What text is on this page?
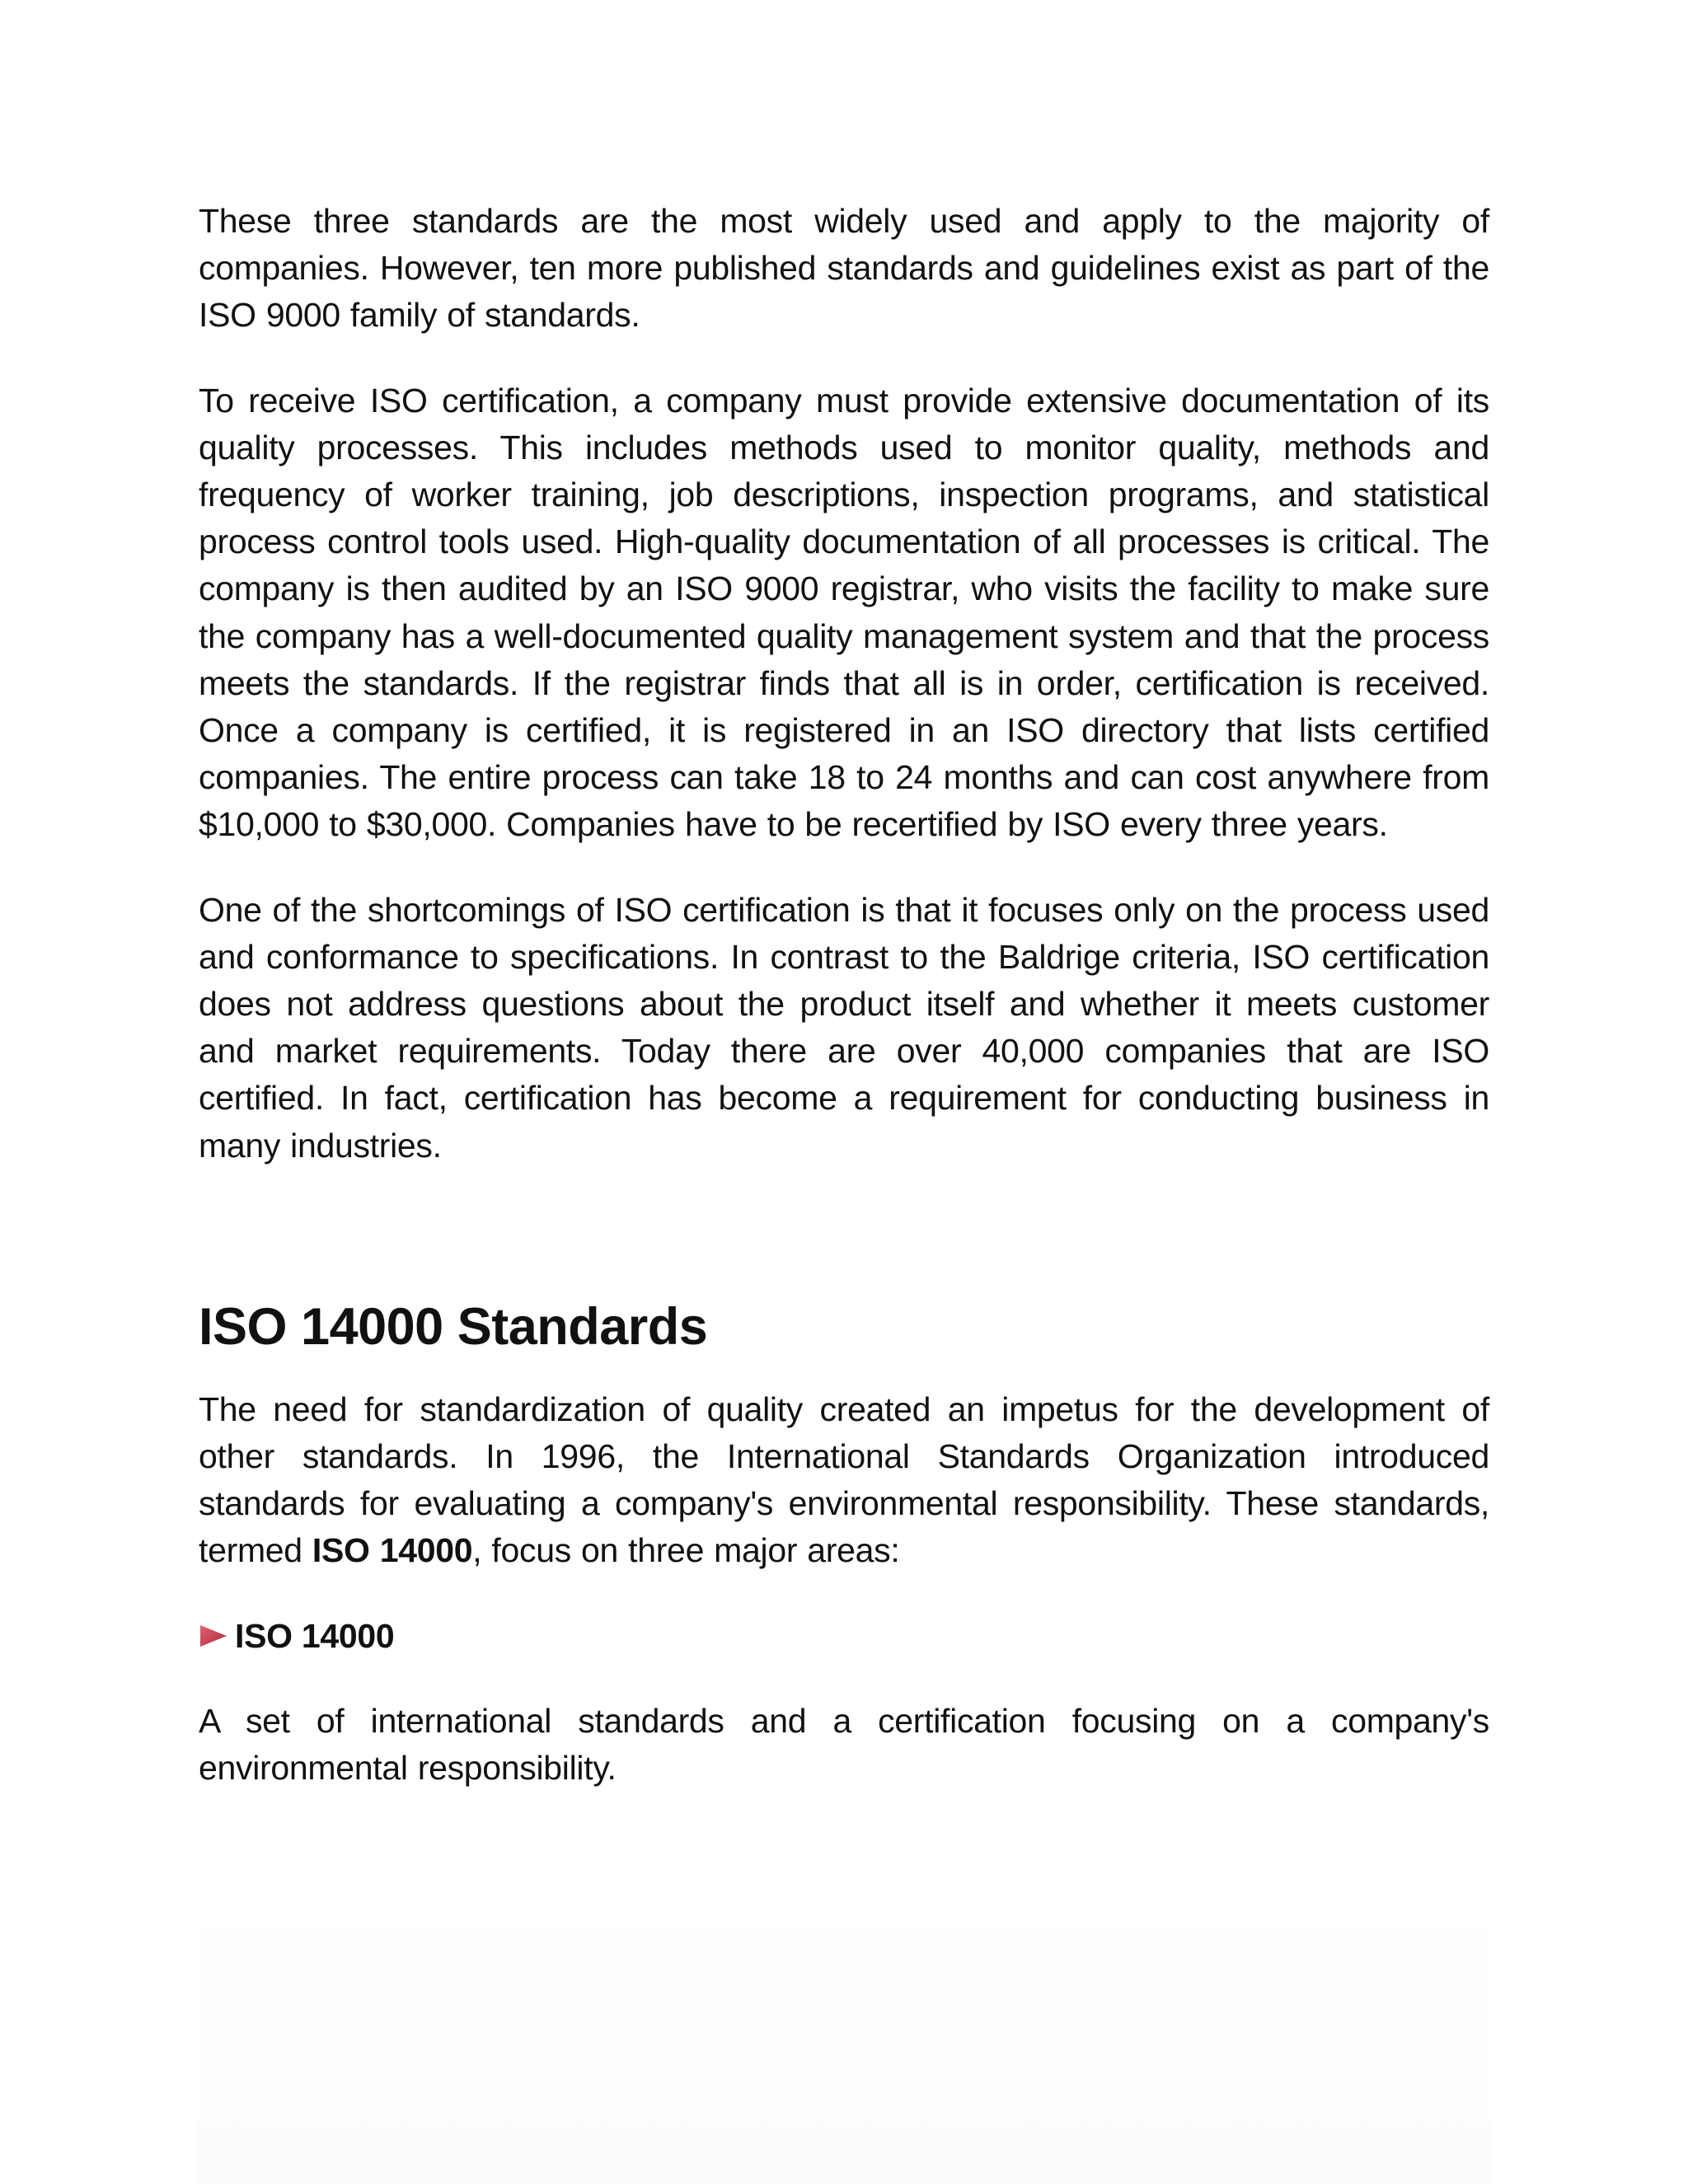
These three standards are the most widely used and apply to the majority of companies. However, ten more published standards and guidelines exist as part of the ISO 9000 family of standards.

To receive ISO certification, a company must provide extensive documentation of its quality processes. This includes methods used to monitor quality, methods and frequency of worker training, job descriptions, inspection programs, and statistical process control tools used. High-quality documentation of all processes is critical. The company is then audited by an ISO 9000 registrar, who visits the facility to make sure the company has a well-documented quality management system and that the process meets the standards. If the registrar finds that all is in order, certification is received. Once a company is certified, it is registered in an ISO directory that lists certified companies. The entire process can take 18 to 24 months and can cost anywhere from $10,000 to $30,000. Companies have to be recertified by ISO every three years.

One of the shortcomings of ISO certification is that it focuses only on the process used and conformance to specifications. In contrast to the Baldrige criteria, ISO certification does not address questions about the product itself and whether it meets customer and market requirements. Today there are over 40,000 companies that are ISO certified. In fact, certification has become a requirement for conducting business in many industries.

ISO 14000 Standards

The need for standardization of quality created an impetus for the development of other standards. In 1996, the International Standards Organization introduced standards for evaluating a company's environmental responsibility. These standards, termed ISO 14000, focus on three major areas:

ISO 14000

A set of international standards and a certification focusing on a company's environmental responsibility.
